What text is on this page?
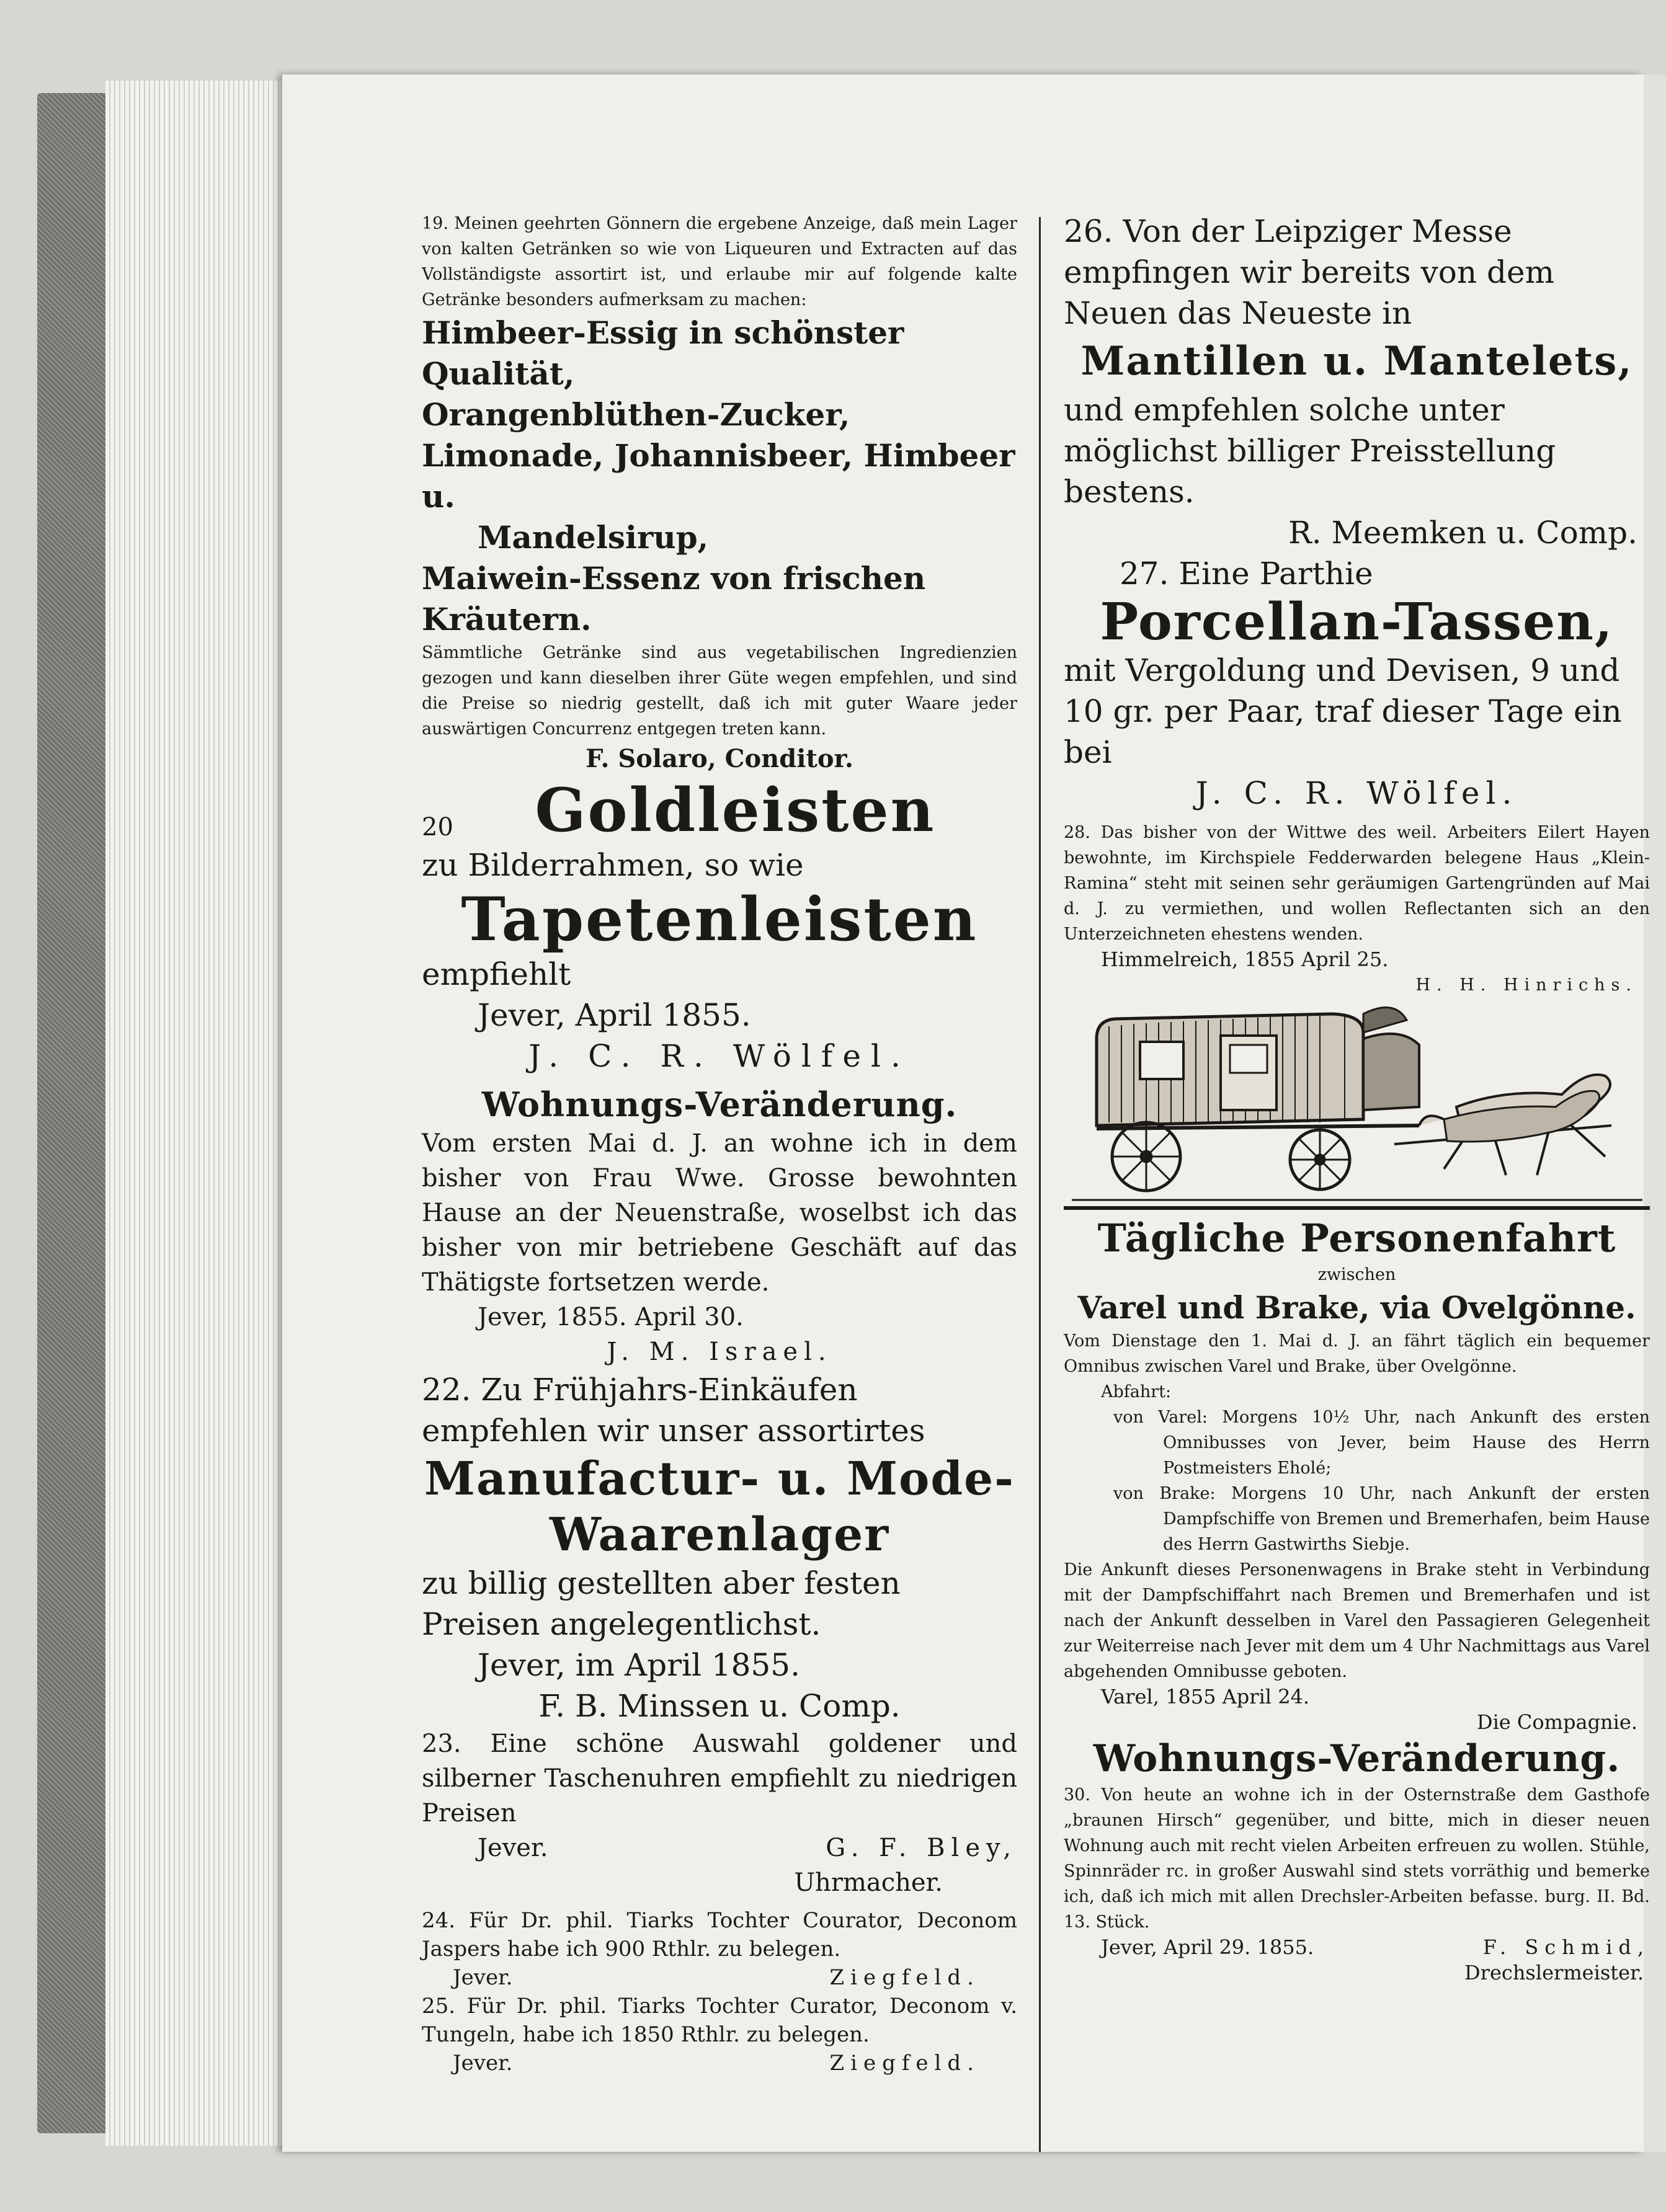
19. Meinen geehrten Gönnern die ergebene Anzeige, daß mein Lager von kalten Getränken so wie von Liqueuren und Extracten auf das Vollständigste assortirt ist, und erlaube mir auf folgende kalte Getränke besonders aufmerksam zu machen:

Himbeer-Essig in schönster Qualität,

Orangenblüthen-Zucker,

Limonade, Johannisbeer, Himbeer u.

Mandelsirup,

Maiwein-Essenz von frischen Kräutern.

Sämmtliche Getränke sind aus vegetabilischen Ingredienzien gezogen und kann dieselben ihrer Güte wegen empfehlen, und sind die Preise so niedrig gestellt, daß ich mit guter Waare jeder auswärtigen Concurrenz entgegen treten kann.

F. Solaro, Conditor.

20	Goldleisten

zu Bilderrahmen, so wie

Tapetenleisten

empfiehlt

Jever, April 1855.

J. C. R. Wölfel.

Wohnungs-Veränderung.

Vom ersten Mai d. J. an wohne ich in dem bisher von Frau Wwe. Grosse bewohnten Hause an der Neuenstraße, woselbst ich das bisher von mir betriebene Geschäft auf das Thätigste fortsetzen werde.

Jever, 1855. April 30.

J. M. Israel.

22. Zu Frühjahrs-Einkäufen empfehlen wir unser assortirtes

Manufactur- u. Mode-

Waarenlager

zu billig gestellten aber festen Preisen angelegentlichst.

Jever, im April 1855.

F. B. Minssen u. Comp.

23. Eine schöne Auswahl goldener und silberner Taschenuhren empfiehlt zu niedrigen Preisen

Jever.	G. F. Bley,

Uhrmacher.

24. Für Dr. phil. Tiarks Tochter Courator, Deconom Jaspers habe ich 900 Rthlr. zu belegen.

Jever.	Ziegfeld.

25. Für Dr. phil. Tiarks Tochter Curator, Deconom v. Tungeln, habe ich 1850 Rthlr. zu belegen.

Jever.	Ziegfeld.

26. Von der Leipziger Messe empfingen wir bereits von dem Neuen das Neueste in

Mantillen u. Mantelets,

und empfehlen solche unter möglichst billiger Preisstellung bestens.

R. Meemken u. Comp.

27. Eine Parthie

Porcellan-Tassen,

mit Vergoldung und Devisen, 9 und 10 gr. per Paar, traf dieser Tage ein bei

J. C. R. Wölfel.

28. Das bisher von der Wittwe des weil. Arbeiters Eilert Hayen bewohnte, im Kirchspiele Fedderwarden belegene Haus „Klein-Ramina“ steht mit seinen sehr geräumigen Gartengründen auf Mai d. J. zu vermiethen, und wollen Reflectanten sich an den Unterzeichneten ehestens wenden.

Himmelreich, 1855 April 25.

H. H. Hinrichs.

Tägliche Personenfahrt

zwischen

Varel und Brake, via Ovelgönne.

Vom Dienstage den 1. Mai d. J. an fährt täglich ein bequemer Omnibus zwischen Varel und Brake, über Ovelgönne.

Abfahrt:

von Varel: Morgens 10½ Uhr, nach Ankunft des ersten Omnibusses von Jever, beim Hause des Herrn Postmeisters Eholé;

von Brake: Morgens 10 Uhr, nach Ankunft der ersten Dampfschiffe von Bremen und Bremerhafen, beim Hause des Herrn Gastwirths Siebje.

Die Ankunft dieses Personenwagens in Brake steht in Verbindung mit der Dampfschiffahrt nach Bremen und Bremerhafen und ist nach der Ankunft desselben in Varel den Passagieren Gelegenheit zur Weiterreise nach Jever mit dem um 4 Uhr Nachmittags aus Varel abgehenden Omnibusse geboten.

Varel, 1855 April 24.

Die Compagnie.

Wohnungs-Veränderung.

30. Von heute an wohne ich in der Osternstraße dem Gasthofe „braunen Hirsch“ gegenüber, und bitte, mich in dieser neuen Wohnung auch mit recht vielen Arbeiten erfreuen zu wollen. Stühle, Spinnräder rc. in großer Auswahl sind stets vorräthig und bemerke ich, daß ich mich mit allen Drechsler-Arbeiten befasse. burg. II. Bd. 13. Stück.

Jever, April 29. 1855.	F. Schmid,

Drechslermeister.
